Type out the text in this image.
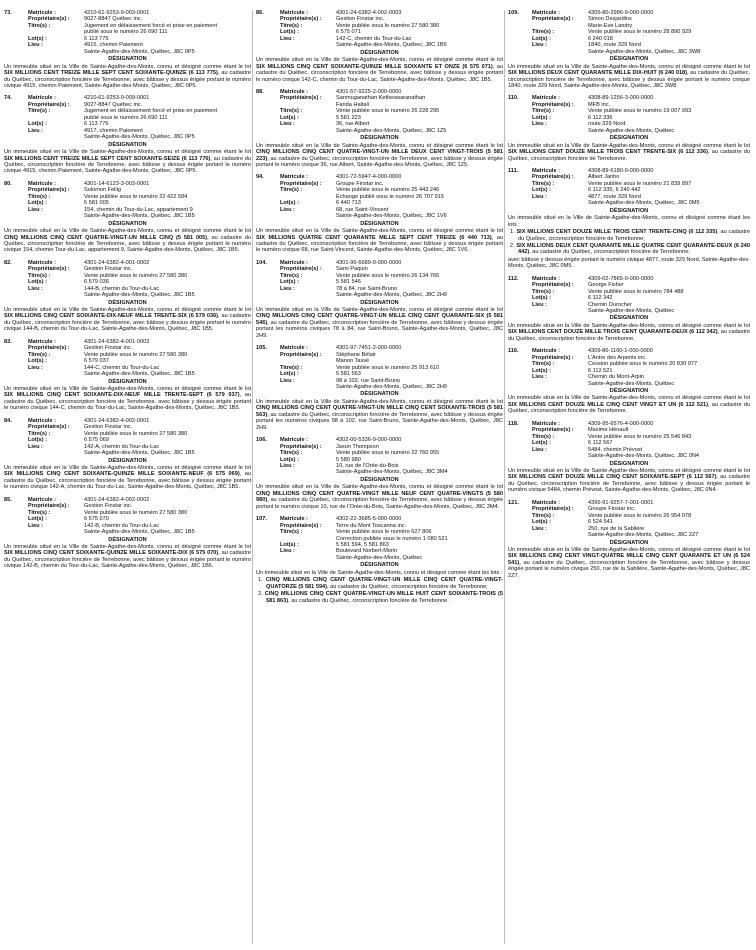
73.	Matricule :	4210-61-9253-9-003-0001
Propriétaire(s) :	9027-8847 Québec inc.
Titre(s) :	Jugement en délaissement forcé et prise en paiement
publié sous le numéro 26 690 111
Lot(s) :	6 113 775
Lieu :	4915, chemin Paiement
Sainte-Agathe-des-Monts, Québec, J8C 0P5
DÉSIGNATION
Un immeuble situé en la Ville de Sainte-Agathe-des-Monts, connu et désigné comme étant le lot SIX MILLIONS CENT TREIZE MILLE SEPT CENT SOIXANTE-QUINZE (6 113 775), au cadastre du Québec, circonscription foncière de Terrebonne, avec bâtisse y dessus érigée portant le numéro civique 4915, chemin Paiement, Sainte-Agathe-des-Monts, Québec, J8C 0P5.
74.	Matricule :	4210-61-9253-9-009-0001
Propriétaire(s) :	9027-8847 Québec inc.
Titre(s) :	Jugement en délaissement forcé et prise en paiement
publié sous le numéro 26 690 111
Lot(s) :	6 113 776
Lieu :	4917, chemin Paiement
Sainte-Agathe-des-Monts, Québec, J8C 0P5
DÉSIGNATION
Un immeuble situé en la Ville de Sainte-Agathe-des-Monts, connu et désigné comme étant le lot SIX MILLIONS CENT TREIZE MILLE SEPT CENT SOIXANTE-SEIZE (6 113 776), au cadastre du Québec, circonscription foncière de Terrebonne, avec bâtisse y dessus érigée portant le numéro civique 4915, chemin Paiement, Sainte-Agathe-des-Monts, Québec, J8C 0P5.
80.	Matricule :	4301-14-6123-3-003-0001
Propriétaire(s) :	Solomon Feliig
Titre(s) :	Vente publiée sous le numéro 22 422 584
Lot(s) :	5 581 005
Lieu :	154, chemin du Tour-du-Lac, appartement 9
Sainte-Agathe-des-Monts, Québec, J8C 1B5
DÉSIGNATION
Un immeuble situé en la Ville de Sainte-Agathe-des-Monts, connu et désigné comme étant le lot CINQ MILLIONS CINQ CENT QUATRE-VINGT-UN MILLE CINQ (5 581 005), au cadastre du Québec, circonscription foncière de Terrebonne, avec bâtisse y dessus érigée portant le numéro civique 154, chemin Tour-du-Lac, appartement 9, Sainte-Agathe-des-Monts, Québec, J8C 1B5.
82.	Matricule :	4301-24-6382-4-001-0002
Propriétaire(s) :	Gestion Finstar inc.
Titre(s) :	Vente publiée sous le numéro 27 580 380
Lot(s) :	6 579 036
Lieu :	144-B, chemin du Tour-du-Lac
Sainte-Agathe-des-Monts, Québec, J8C 1B5
DÉSIGNATION
Un immeuble situé en la Ville de Sainte-Agathe-des-Monts, connu et désigné comme étant le lot SIX MILLIONS CINQ CENT SOIXANTE-DIX-NEUF MILLE TRENTE-SIX (6 579 036), au cadastre du Québec, circonscription foncière de Terrebonne, avec bâtisse y dessus érigée portant le numéro civique 144-B, chemin du Tour-du-Lac, Sainte-Agathe-des-Monts, Québec, J8C 1B5.
83.	Matricule :	4301-24-6382-4-001-0003
Propriétaire(s) :	Gestion Finstar inc.
Titre(s) :	Vente publiée sous le numéro 27 580 380
Lot(s) :	6 579 037
Lieu :	144-C, chemin du Tour-du-Lac
Sainte-Agathe-des-Monts, Québec, J8C 1B5
DÉSIGNATION
Un immeuble situé en la Ville de Sainte-Agathe-des-Monts, connu et désigné comme étant le lot SIX MILLIONS CINQ CENT SOIXANTE-DIX-NEUF MILLE TRENTE-SEPT (6 579 037), au cadastre du Québec, circonscription foncière de Terrebonne, avec bâtisse y dessus érigée portant le numéro civique 144-C, chemin du Tour-du-Lac, Sainte-Agathe-des-Monts, Québec, J8C 1B5.
84.	Matricule :	4301-24-6382-4-002-0001
Propriétaire(s) :	Gestion Finstar inc.
Titre(s) :	Vente publiée sous le numéro 27 580 380
Lot(s) :	6 575 069
Lieu :	142-A, chemin du Tour-du-Lac
Sainte-Agathe-des-Monts, Québec, J8C 1B5
DÉSIGNATION
Un immeuble situé en la Ville de Sainte-Agathe-des-Monts, connu et désigné comme étant le lot SIX MILLIONS CINQ CENT SOIXANTE-QUINZE MILLE SOIXANTE-NEUF (6 575 069), au cadastre du Québec, circonscription foncière de Terrebonne, avec bâtisse y dessus érigée portant le numéro civique 142-A, chemin du Tour-du-Lac, Sainte-Agathe-des-Monts, Québec, J8C 1B5.
85.	Matricule :	4301-24-6382-4-002-0002
Propriétaire(s) :	Gestion Finstar inc.
Titre(s) :	Vente publiée sous le numéro 27 580 380
Lot(s) :	6 575 070
Lieu :	142-B, chemin du Tour-du-Lac
Sainte-Agathe-des-Monts, Québec, J8C 1B5
DÉSIGNATION
Un immeuble situé en la Ville de Sainte-Agathe-des-Monts, connu et désigné comme étant le lot SIX MILLIONS CINQ CENT SOIXANTE-QUINZE MILLE SOIXANTE-DIX (6 575 070), au cadastre du Québec, circonscription foncière de Terrebonne, avec bâtisse y dessus érigée portant le numéro civique 142-B, chemin du Tour-du-Lac, Sainte-Agathe-des-Monts, Québec, J8C 1B5.
86.	Matricule :	4301-24-6382-4-002-0003
Propriétaire(s) :	Gestion Finstar inc.
Titre(s) :	Vente publiée sous le numéro 27 580 380
Lot(s) :	6 575 071
Lieu :	142-C, chemin du Tour-du-Lac
Sainte-Agathe-des-Monts, Québec, J8C 1B5
DÉSIGNATION
Un immeuble situé en la Ville de Sainte-Agathe-des-Monts, connu et désigné comme étant le lot SIX MILLIONS CINQ CENT SOIXANTE-QUINZE MILLE SOIXANTE ET ONZE (6 575 071), au cadastre du Québec, circonscription foncière de Terrebonne, avec bâtisse y dessus érigée portant le numéro civique 142-C, chemin du Tour-du-Lac, Sainte-Agathe-des-Monts, Québec, J8C 1B5.
88.	Matricule :	4301-57-9225-2-000-0000
Propriétaire(s) :	Sanmuganathan Ketheswaranathan
Farida Haltali
Titre(s) :	Vente publiée sous le numéro 26 228 295
Lot(s) :	5 581 223
Lieu :	36, rue Albert
Sainte-Agathe-des-Monts, Québec, J8C 1Z5
DÉSIGNATION
Un immeuble situé en la Ville de Sainte-Agathe-des-Monts, connu et désigné comme étant le lot CINQ MILLIONS CINQ CENT QUATRE-VINGT-UN MILLE DEUX CENT VINGT-TROIS (5 581 223), au cadastre du Québec, circonscription foncière de Terrebonne, avec bâtisse y dessus érigée portant le numéro civique 36, rue Albert, Sainte-Agathe-des-Monts, Québec, J8C 1Z5.
94.	Matricule :	4301-72-5947-4-000-0000
Propriétaire(s) :	Groupe Finstar inc.
Titre(s) :	Vente publiée sous le numéro 25 443 246
Échange publié sous le numéro 26 707 915
Lot(s) :	6 440 713
Lieu :	68, rue Saint-Vincent
Sainte-Agathe-des-Monts, Québec, J8C 1V6
DÉSIGNATION
Un immeuble situé en la Ville de Sainte-Agathe-des-Monts, connu et désigné comme étant le lot SIX MILLIONS QUATRE CENT QUARANTE MILLE SEPT CENT TREIZE (6 440 713), au cadastre du Québec, circonscription foncière de Terrebonne, avec bâtisse y dessus érigée portant le numéro civique 68, rue Saint-Vincent, Sainte-Agathe-des-Monts, Québec, J8C 1V6.
104.	Matricule :	4301-96-6689-0-000-0000
Propriétaire(s) :	Sami Paquin
Titre(s) :	Vente publiée sous le numéro 26 134 766
Lot(s) :	5 581 546
Lieu :	78 à 84, rue Saint-Bruno
Sainte-Agathe-des-Monts, Québec, J8C 2H9
DÉSIGNATION
Un immeuble situé en la Ville de Sainte-Agathe-des-Monts, connu et désigné comme étant le lot CINQ MILLIONS CINQ CENT QUATRE-VINGT-UN MILLE CINQ CENT QUARANTE-SIX (5 581 546), au cadastre du Québec, circonscription foncière de Terrebonne, avec bâtisse y dessus érigée portant les numéros civiques 78 à 84, rue Saint-Bruno, Sainte-Agathe-des-Monts, Québec, J8C 2H9.
105.	Matricule :	4301-97-7451-2-000-0000
Propriétaire(s) :	Stéphane Bélair
Manon Tassé
Titre(s) :	Vente publiée sous le numéro 25 913 610
Lot(s) :	5 581 563
Lieu :	98 à 102, rue Saint-Bruno
Sainte-Agathe-des-Monts, Québec, J8C 2H9
DÉSIGNATION
Un immeuble situé en la Ville de Sainte-Agathe-des-Monts, connu et désigné comme étant le lot CINQ MILLIONS CINQ CENT QUATRE-VINGT-UN MILLE CINQ CENT SOIXANTE-TROIS (5 581 563), au cadastre du Québec, circonscription foncière de Terrebonne, avec bâtisse y dessus érigée portant les numéros civiques 98 à 102, rue Saint-Bruno, Sainte-Agathe-des-Monts, Québec, J8C 2H9.
106.	Matricule :	4302-00-5336-9-000-0000
Propriétaire(s) :	Jason Thompson
Titre(s) :	Vente publiée sous le numéro 22 760 955
Lot(s) :	5 580 980
Lieu :	10, rue de l’Orée-du-Bois
Sainte-Agathe-des-Monts, Québec, J8C 3M4
DÉSIGNATION
Un immeuble situé en la Ville de Sainte-Agathe-des-Monts, connu et désigné comme étant le lot CINQ MILLIONS CINQ CENT QUATRE-VINGT MILLE NEUF CENT QUATRE-VINGTS (5 580 980), au cadastre du Québec, circonscription foncière de Terrebonne, avec bâtisse y dessus érigée portant le numéro civique 10, rue de l’Orée-du-Bois, Sainte-Agathe-des-Monts, Québec, J8C 3M4.
107.	Matricule :	4302-22-3685-5-000-0000
Propriétaire(s) :	Terre du Mont Toscanna inc.
Titre(s) :	Vente publiée sous le numéro 627 806
Correction publiée sous le numéro 1 080 521
Lot(s) :	5 581 594, 5 581 863
Lieu :	Boulevard Norbert-Morin
Sainte-Agathe-des-Monts, Québec
DÉSIGNATION
Un immeuble situé en la Ville de Sainte-Agathe-des-Monts, connu et désigné comme étant les lots :
1. CINQ MILLIONS CINQ CENT QUATRE-VINGT-UN MILLE CINQ CENT QUATRE-VINGT-QUATORZE (5 581 594), au cadastre du Québec, circonscription foncière de Terrebonne;
2. CINQ MILLIONS CINQ CENT QUATRE-VINGT-UN MILLE HUIT CENT SOIXANTE-TROIS (5 581 863), au cadastre du Québec, circonscription foncière de Terrebonne.
109.	Matricule :	4305-80-2986-9-000-0000
Propriétaire(s) :	Simon Desjardins
Marie-Eve Landry
Titre(s) :	Vente publiée sous le numéro 28 890 929
Lot(s) :	6 240 018
Lieu :	1840, route 329 Nord
Sainte-Agathe-des-Monts, Québec, J8C 3W8
DÉSIGNATION
Un immeuble situé en la Ville de Sainte-Agathe-des-Monts, connu et désigné comme étant le lot SIX MILLIONS DEUX CENT QUARANTE MILLE DIX-HUIT (6 240 018), au cadastre du Québec, circonscription foncière de Terrebonne, avec bâtisse y dessus érigée portant le numéro civique 1840, route 329 Nord, Sainte-Agathe-des-Monts, Québec, J8C 3W8.
110.	Matricule :	4308-89-1256-3-000-0000
Propriétaire(s) :	MFB inc.
Titre(s) :	Vente publiée sous le numéro 19 007 993
Lot(s) :	6 112 336
Lieu :	route 329 Nord
Sainte-Agathe-des-Monts, Québec
DÉSIGNATION
Un immeuble situé en la Ville de Sainte-Agathe-des-Monts, connu et désigné comme étant le lot SIX MILLIONS CENT DOUZE MILLE TROIS CENT TRENTE-SIX (6 112 336), au cadastre du Québec, circonscription foncière de Terrebonne.
111.	Matricule :	4308-89-6180-0-000-0000
Propriétaire(s) :	Albert Janho
Titre(s) :	Vente publiée sous le numéro 21 839 897
Lot(s) :	6 112 335, 6 240 442
Lieu :	4877, route 329 Nord
Sainte-Agathe-des-Monts, Québec, J8C 0M5
DÉSIGNATION
Un immeuble situé en la Ville de Sainte-Agathe-des-Monts, connu et désigné comme étant les lots :
1. SIX MILLIONS CENT DOUZE MILLE TROIS CENT TRENTE-CINQ (6 112 335), au cadastre du Québec, circonscription foncière de Terrebonne;
2. SIX MILLIONS DEUX CENT QUARANTE MILLE QUATRE CENT QUARANTE-DEUX (6 240 442), au cadastre du Québec, circonscription foncière de Terrebonne;
avec bâtisse y dessus érigée portant le numéro civique 4877, route 329 Nord, Sainte-Agathe-des-Monts, Québec, J8C 0M5.
112.	Matricule :	4309-02-7865-0-000-0000
Propriétaire(s) :	George Fisher
Titre(s) :	Vente publiée sous le numéro 784 488
Lot(s) :	6 112 342
Lieu :	Chemin Durocher
Sainte-Agathe-des-Monts, Québec
DÉSIGNATION
Un immeuble situé en la Ville de Sainte-Agathe-des-Monts, connu et désigné comme étant le lot SIX MILLIONS CENT DOUZE MILLE TROIS CENT QUARANTE-DEUX (6 112 342), au cadastre du Québec, circonscription foncière de Terrebonne.
116.	Matricule :	4309-86-1160-1-000-0000
Propriétaire(s) :	L’Antre des Arpents inc.
Titre(s) :	Cession publiée sous le numéro 20 830 077
Lot(s) :	6 112 521
Lieu :	Chemin du Mont-Arpin
Sainte-Agathe-des-Monts, Québec
DÉSIGNATION
Un immeuble situé en la Ville de Sainte-Agathe-des-Monts, connu et désigné comme étant le lot SIX MILLIONS CENT DOUZE MILLE CINQ CENT VINGT ET UN (6 112 521), au cadastre du Québec, circonscription foncière de Terrebonne.
118.	Matricule :	4309-95-6576-4-000-0000
Propriétaire(s) :	Maxime Hénault
Titre(s) :	Vente publiée sous le numéro 25 546 843
Lot(s) :	6 112 567
Lieu :	5484, chemin Prévost
Sainte-Agathe-des-Monts, Québec, J8C 0N4
DÉSIGNATION
Un immeuble situé en la Ville de Sainte-Agathe-des-Monts, connu et désigné comme étant le lot SIX MILLIONS CENT DOUZE MILLE CINQ CENT SOIXANTE-SEPT (6 112 567), au cadastre du Québec, circonscription foncière de Terrebonne, avec bâtisse y dessus érigée portant le numéro civique 5484, chemin Prévost, Sainte-Agathe-des-Monts, Québec, J8C 0N4.
121.	Matricule :	4396-91-9257-7-001-0001
Propriétaire(s) :	Groupe Finstar inc.
Titre(s) :	Vente publiée sous le numéro 26 954 078
Lot(s) :	6 524 541
Lieu :	250, rue de la Sablière
Sainte-Agathe-des-Monts, Québec, J8C 2Z7
DÉSIGNATION
Un immeuble situé en la Ville de Sainte-Agathe-des-Monts, connu et désigné comme étant le lot SIX MILLIONS CINQ CENT VINGT-QUATRE MILLE CINQ CENT QUARANTE ET UN (6 524 541), au cadastre du Québec, circonscription foncière de Terrebonne, avec bâtisse y dessus érigée portant le numéro civique 250, rue de la Sablière, Sainte-Agathe-des-Monts, Québec, J8C 2Z7.
